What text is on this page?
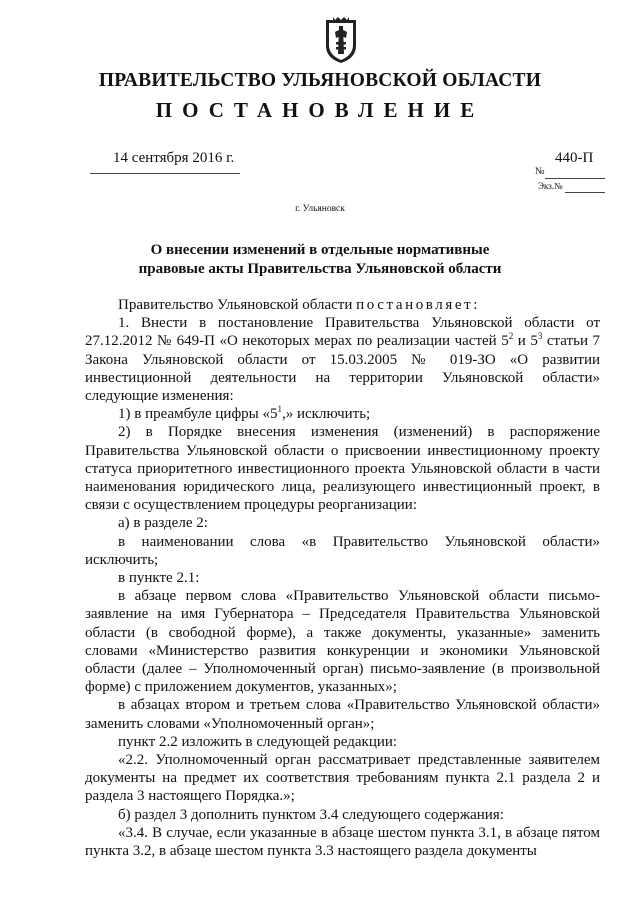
ПРАВИТЕЛЬСТВО УЛЬЯНОВСКОЙ ОБЛАСТИ
ПОСТАНОВЛЕНИЕ
14 сентября 2016 г.	440-П
№
Экз.№
г. Ульяновск
О внесении изменений в отдельные нормативные
правовые акты Правительства Ульяновской области

Правительство Ульяновской области постановляет:

1. Внести в постановление Правительства Ульяновской области от 27.12.2012 № 649-П «О некоторых мерах по реализации частей $5^2$ и $5^3$ статьи 7 Закона Ульяновской области от 15.03.2005 № 019-ЗО «О развитии инвестиционной деятельности на территории Ульяновской области» следующие изменения:

1) в преамбуле цифры «$5^1$,» исключить;

2) в Порядке внесения изменения (изменений) в распоряжение Правительства Ульяновской области о присвоении инвестиционному проекту статуса приоритетного инвестиционного проекта Ульяновской области в части наименования юридического лица, реализующего инвестиционный проект, в связи с осуществлением процедуры реорганизации:

а) в разделе 2:

в наименовании слова «в Правительство Ульяновской области» исключить;

в пункте 2.1:

в абзаце первом слова «Правительство Ульяновской области письмо-заявление на имя Губернатора – Председателя Правительства Ульяновской области (в свободной форме), а также документы, указанные» заменить словами «Министерство развития конкуренции и экономики Ульяновской области (далее – Уполномоченный орган) письмо-заявление (в произвольной форме) с приложением документов, указанных»;

в абзацах втором и третьем слова «Правительство Ульяновской области» заменить словами «Уполномоченный орган»;

пункт 2.2 изложить в следующей редакции:

«2.2. Уполномоченный орган рассматривает представленные заявителем документы на предмет их соответствия требованиям пункта 2.1 раздела 2 и раздела 3 настоящего Порядка.»;

б) раздел 3 дополнить пунктом 3.4 следующего содержания:

«3.4. В случае, если указанные в абзаце шестом пункта 3.1, в абзаце пятом пункта 3.2, в абзаце шестом пункта 3.3 настоящего раздела документы
